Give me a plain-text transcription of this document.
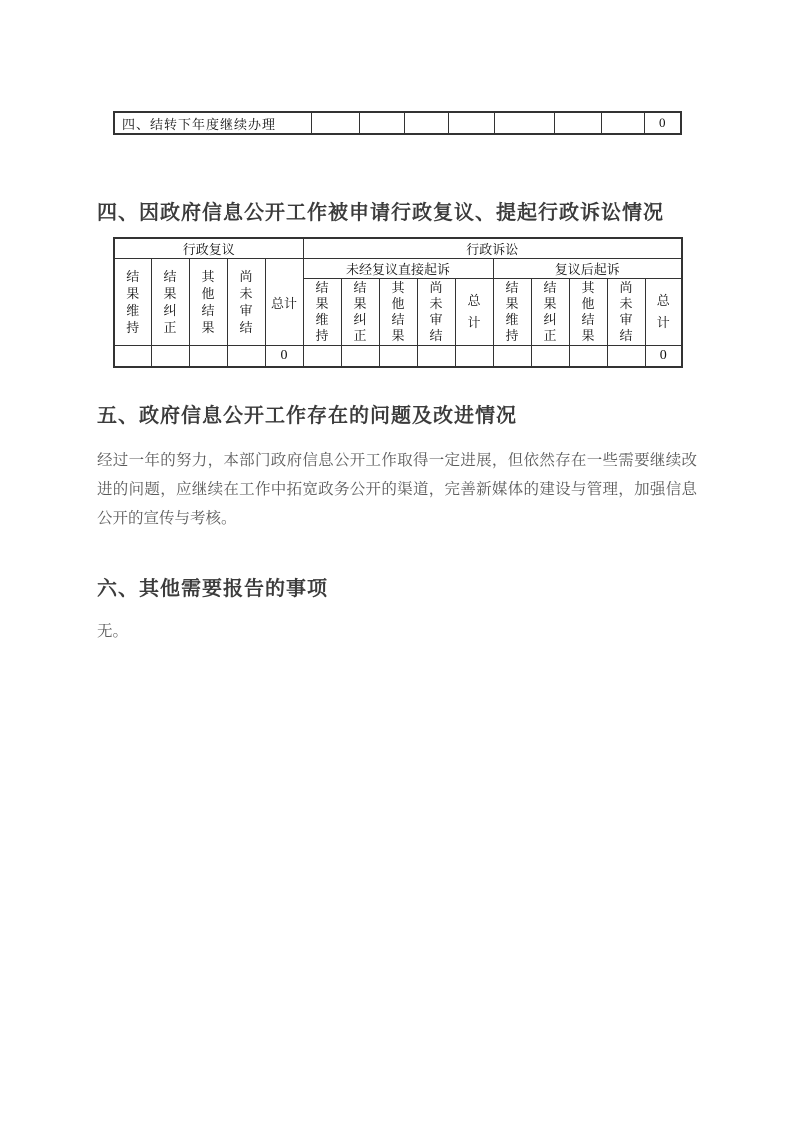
四、结转下年度继续办理								0
四、因政府信息公开工作被申请行政复议、提起行政诉讼情况
行政复议					行政诉讼									
结果维持	结果纠正	其他结果	尚未审结	总计	未经复议直接起诉					复议后起诉				
					结果维持	结果纠正	其他结果	尚未审结	总计	结果维持	结果纠正	其他结果	尚未审结	总计
				0										0
五、政府信息公开工作存在的问题及改进情况
经过一年的努力，本部门政府信息公开工作取得一定进展，但依然存在一些需要继续改进的问题，应继续在工作中拓宽政务公开的渠道，完善新媒体的建设与管理，加强信息公开的宣传与考核。
六、其他需要报告的事项
无。
